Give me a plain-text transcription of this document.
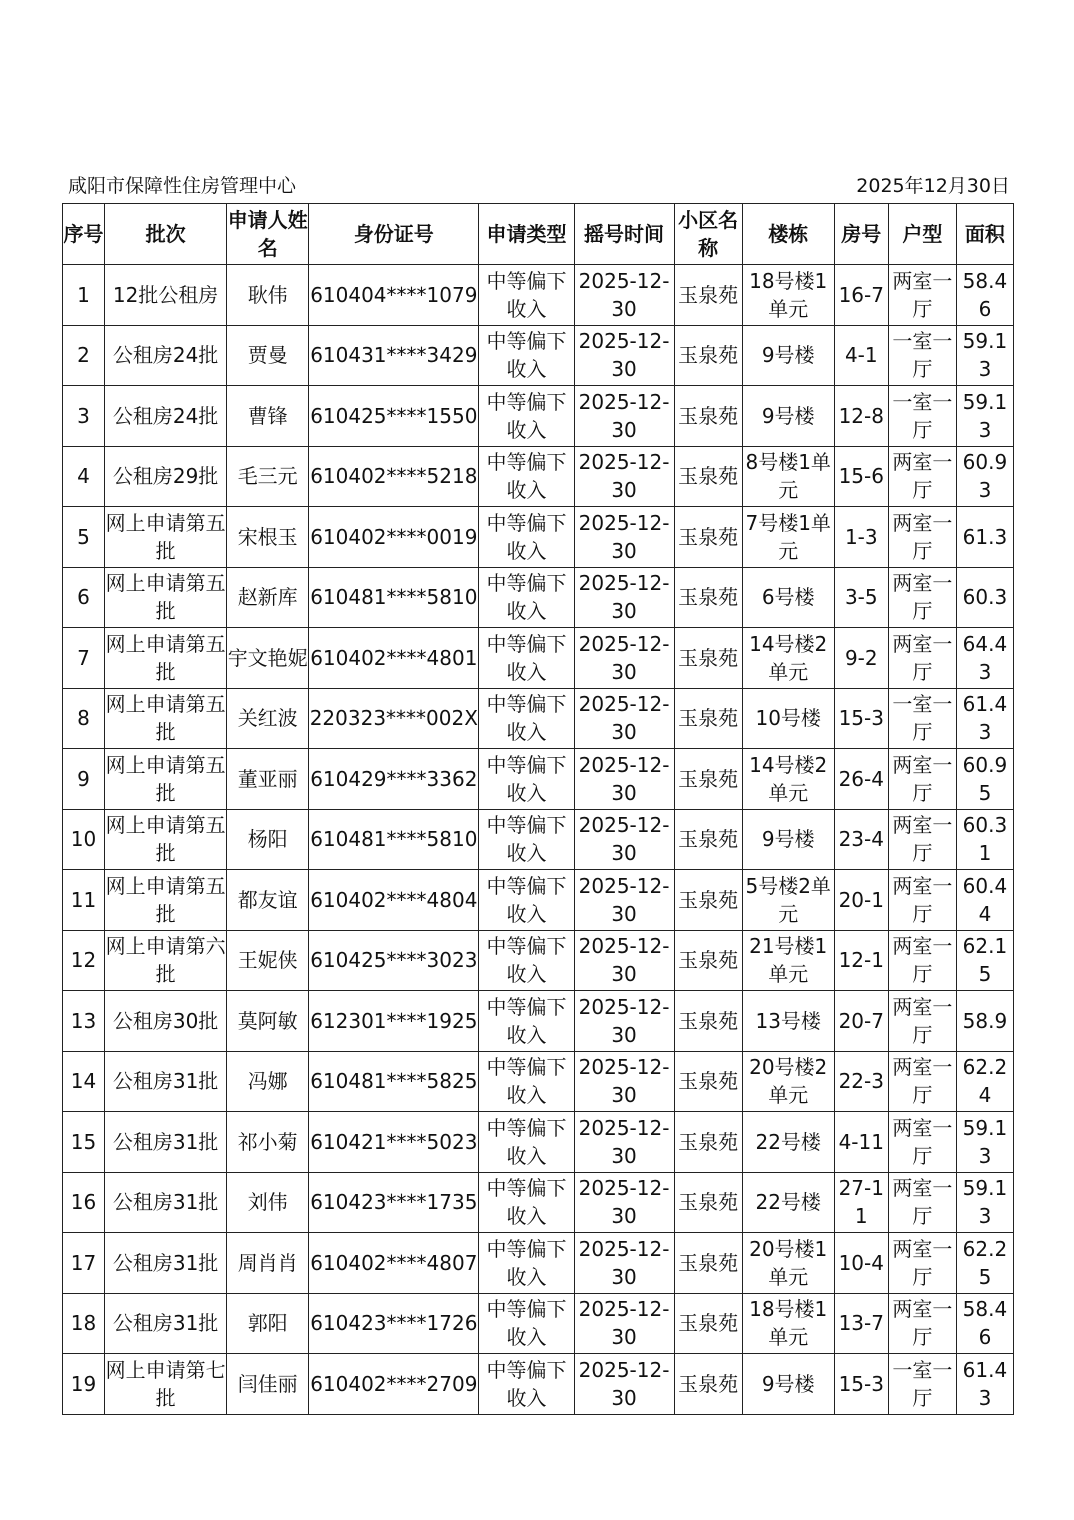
咸阳市保障性住房管理中心	2025年12月30日
序号	批次	申请人姓名	身份证号	申请类型	摇号时间	小区名称	楼栋	房号	户型	面积
1	12批公租房	耿伟	610404****1079	中等偏下收入	2025-12-30	玉泉苑	18号楼1单元	16-7	两室一厅	58.46
2	公租房24批	贾曼	610431****3429	中等偏下收入	2025-12-30	玉泉苑	9号楼	4-1	一室一厅	59.13
3	公租房24批	曹锋	610425****1550	中等偏下收入	2025-12-30	玉泉苑	9号楼	12-8	一室一厅	59.13
4	公租房29批	毛三元	610402****5218	中等偏下收入	2025-12-30	玉泉苑	8号楼1单元	15-6	两室一厅	60.93
5	网上申请第五批	宋根玉	610402****0019	中等偏下收入	2025-12-30	玉泉苑	7号楼1单元	1-3	两室一厅	61.3
6	网上申请第五批	赵新库	610481****5810	中等偏下收入	2025-12-30	玉泉苑	6号楼	3-5	两室一厅	60.3
7	网上申请第五批	宇文艳妮	610402****4801	中等偏下收入	2025-12-30	玉泉苑	14号楼2单元	9-2	两室一厅	64.43
8	网上申请第五批	关红波	220323****002X	中等偏下收入	2025-12-30	玉泉苑	10号楼	15-3	一室一厅	61.43
9	网上申请第五批	董亚丽	610429****3362	中等偏下收入	2025-12-30	玉泉苑	14号楼2单元	26-4	两室一厅	60.95
10	网上申请第五批	杨阳	610481****5810	中等偏下收入	2025-12-30	玉泉苑	9号楼	23-4	两室一厅	60.31
11	网上申请第五批	都友谊	610402****4804	中等偏下收入	2025-12-30	玉泉苑	5号楼2单元	20-1	两室一厅	60.44
12	网上申请第六批	王妮侠	610425****3023	中等偏下收入	2025-12-30	玉泉苑	21号楼1单元	12-1	两室一厅	62.15
13	公租房30批	莫阿敏	612301****1925	中等偏下收入	2025-12-30	玉泉苑	13号楼	20-7	两室一厅	58.9
14	公租房31批	冯娜	610481****5825	中等偏下收入	2025-12-30	玉泉苑	20号楼2单元	22-3	两室一厅	62.24
15	公租房31批	祁小菊	610421****5023	中等偏下收入	2025-12-30	玉泉苑	22号楼	4-11	两室一厅	59.13
16	公租房31批	刘伟	610423****1735	中等偏下收入	2025-12-30	玉泉苑	22号楼	27-11	两室一厅	59.13
17	公租房31批	周肖肖	610402****4807	中等偏下收入	2025-12-30	玉泉苑	20号楼1单元	10-4	两室一厅	62.25
18	公租房31批	郭阳	610423****1726	中等偏下收入	2025-12-30	玉泉苑	18号楼1单元	13-7	两室一厅	58.46
19	网上申请第七批	闫佳丽	610402****2709	中等偏下收入	2025-12-30	玉泉苑	9号楼	15-3	一室一厅	61.43
